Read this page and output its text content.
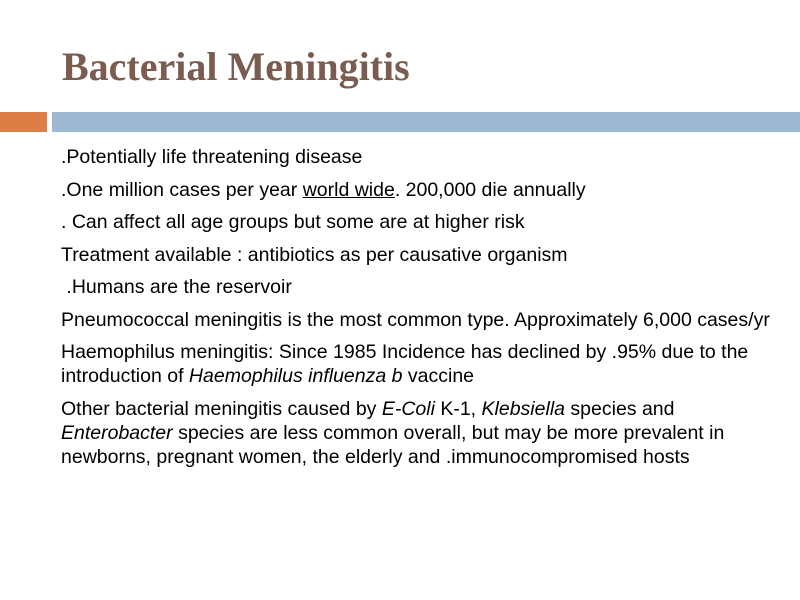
Bacterial Meningitis
.Potentially life threatening disease
.One million cases per year world wide. 200,000 die annually
. Can affect all age groups but some are at higher risk
Treatment available : antibiotics as per causative organism
.Humans are the reservoir
Pneumococcal meningitis is the most common type. Approximately 6,000 cases/yr
Haemophilus meningitis: Since 1985 Incidence has declined by .95% due to the introduction of Haemophilus influenza b vaccine
Other bacterial meningitis caused by E-Coli K-1, Klebsiella species and Enterobacter species are less common overall, but may be more prevalent in newborns, pregnant women, the elderly and .immunocompromised hosts
